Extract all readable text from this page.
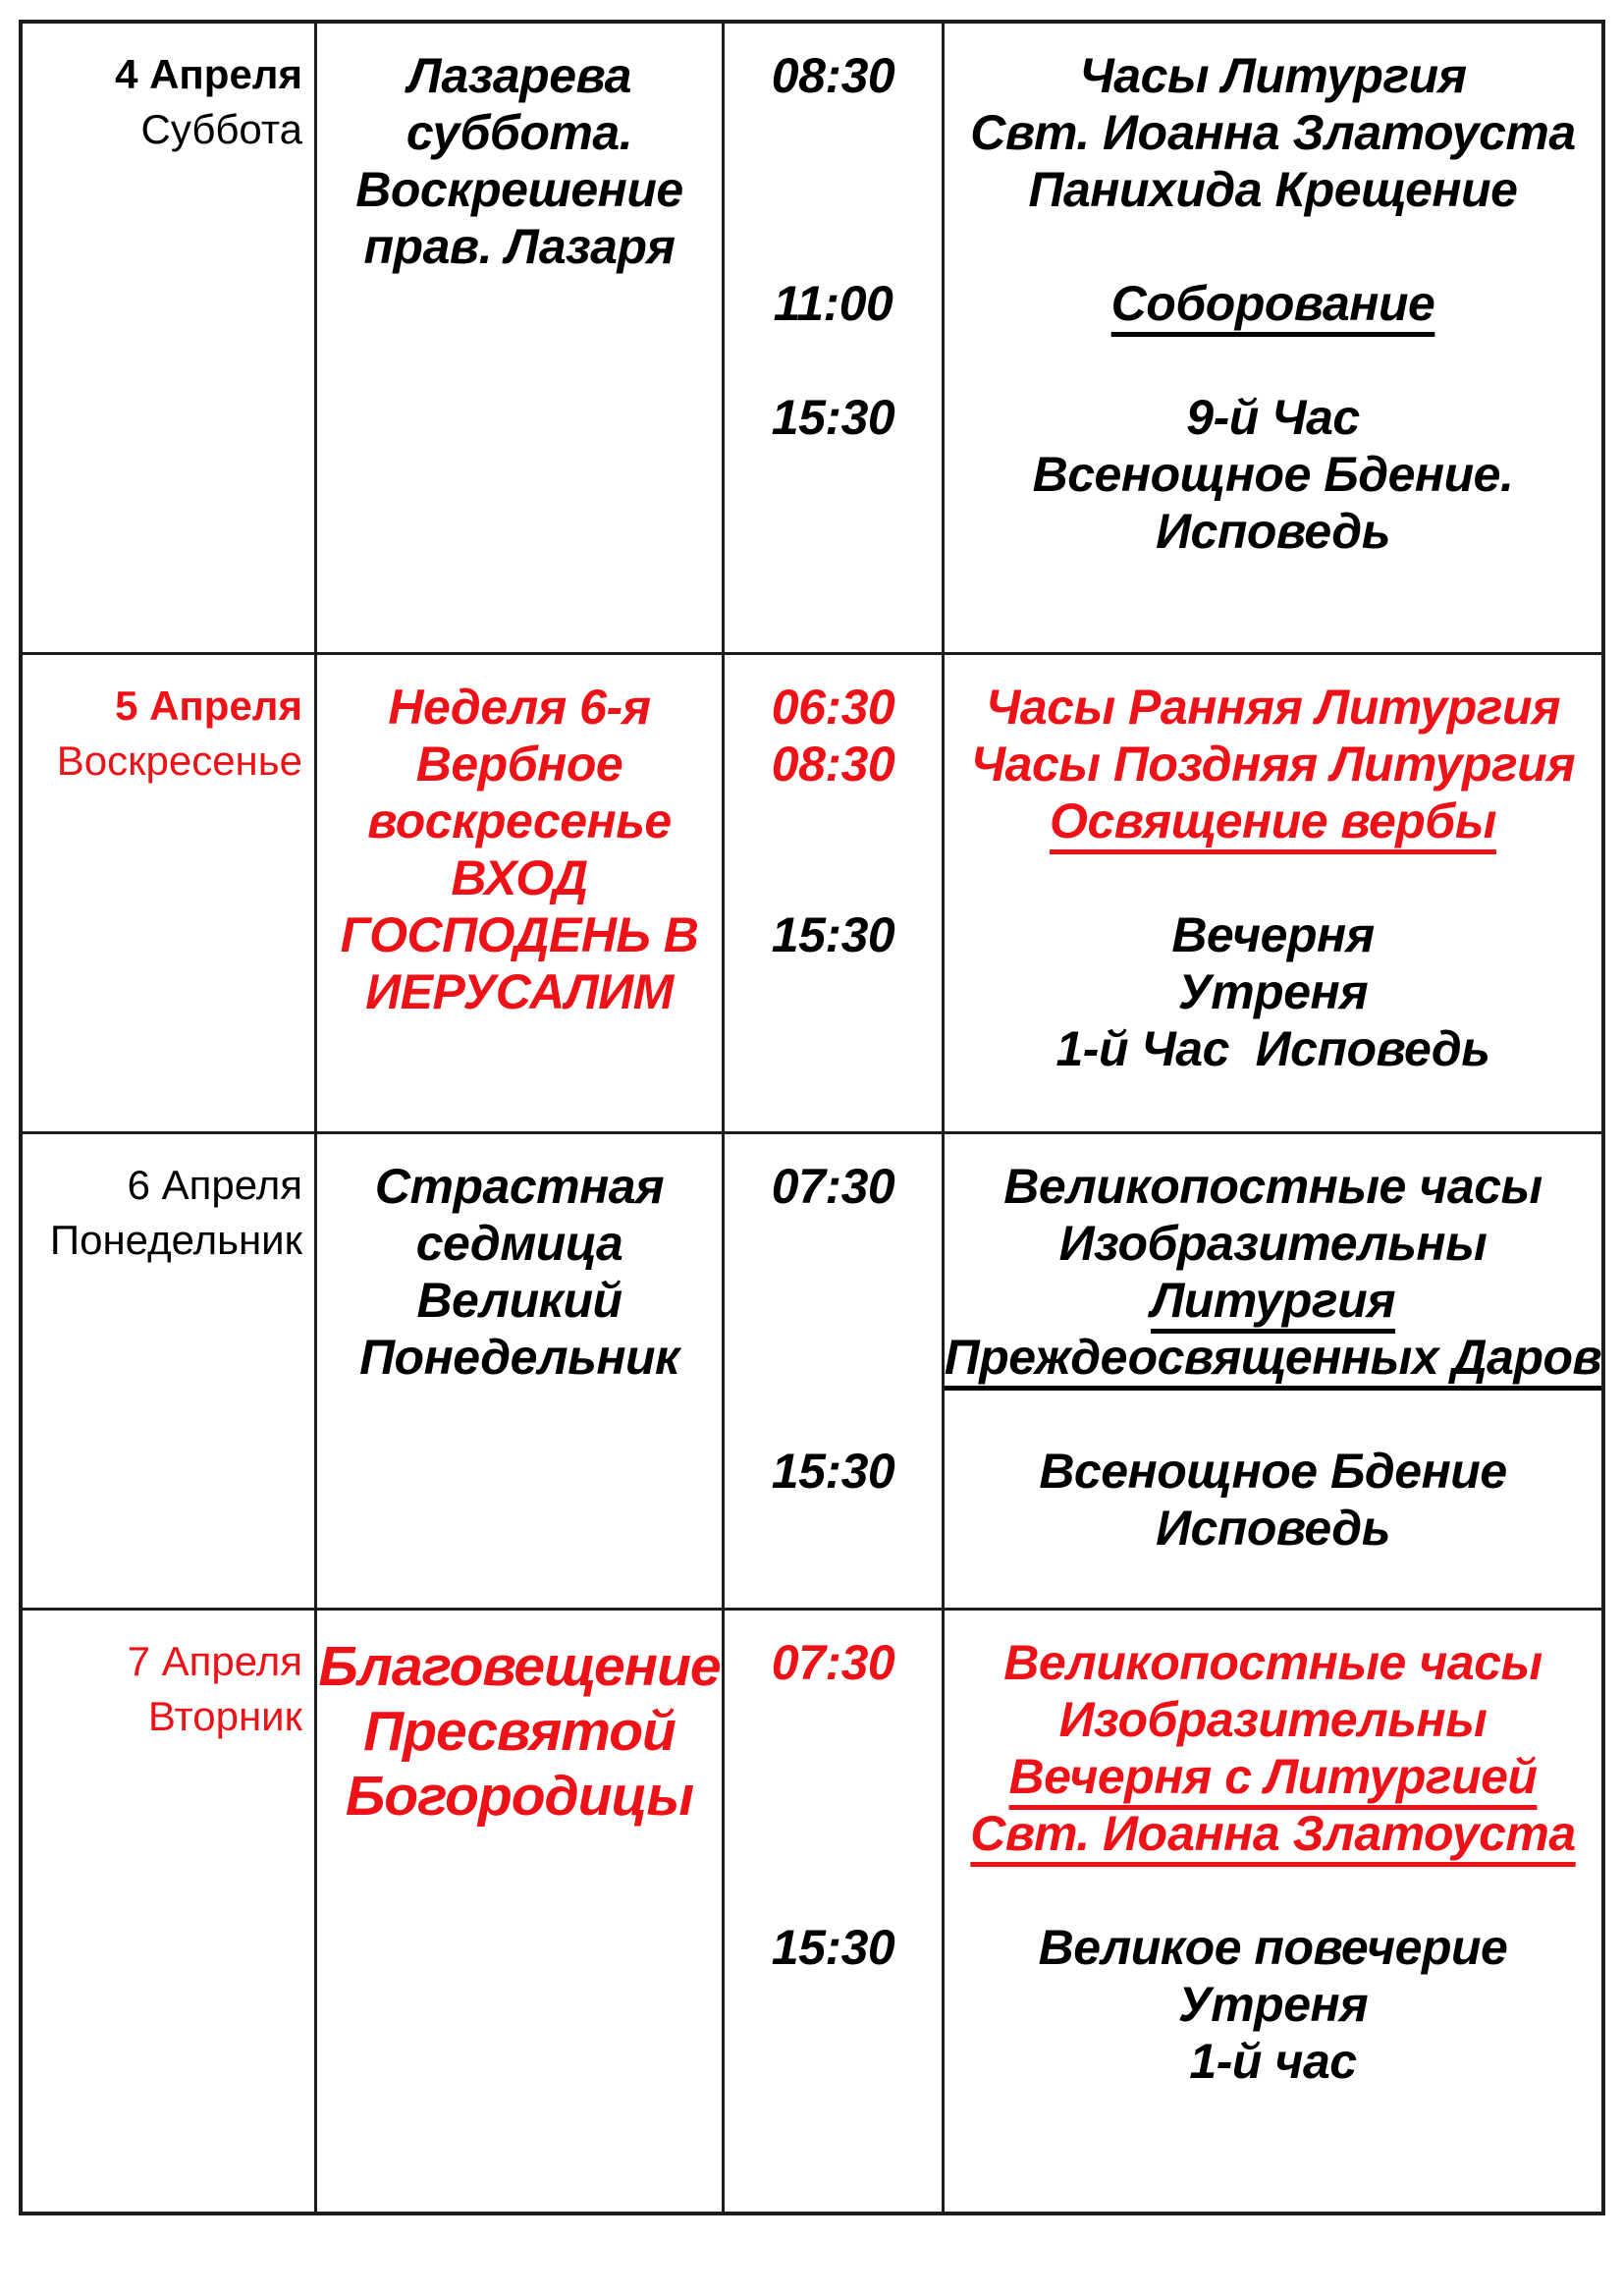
4 Апреля
Суббота
Лазарева
суббота.
Воскрешение
прав. Лазаря
08:30
11:00
15:30
Часы Литургия
Свт. Иоанна Златоуста
Панихида Крещение
Соборование
9-й Час
Всенощное Бдение.
Исповедь
5 Апреля
Воскресенье
Неделя 6-я
Вербное
воскресенье
ВХОД
ГОСПОДЕНЬ В
ИЕРУСАЛИМ
06:30
08:30
15:30
Часы Ранняя Литургия
Часы Поздняя Литургия
Освящение вербы
Вечерня
Утреня
1-й Час  Исповедь
6 Апреля
Понедельник
Страстная
седмица
Великий
Понедельник
07:30
15:30
Великопостные часы
Изобразительны
Литургия
Преждеосвященных Даров
Всенощное Бдение
Исповедь
7 Апреля
Вторник
Благовещение
Пресвятой
Богородицы
07:30
15:30
Великопостные часы
Изобразительны
Вечерня с Литургией
Свт. Иоанна Златоуста
Великое повечерие
Утреня
1-й час
